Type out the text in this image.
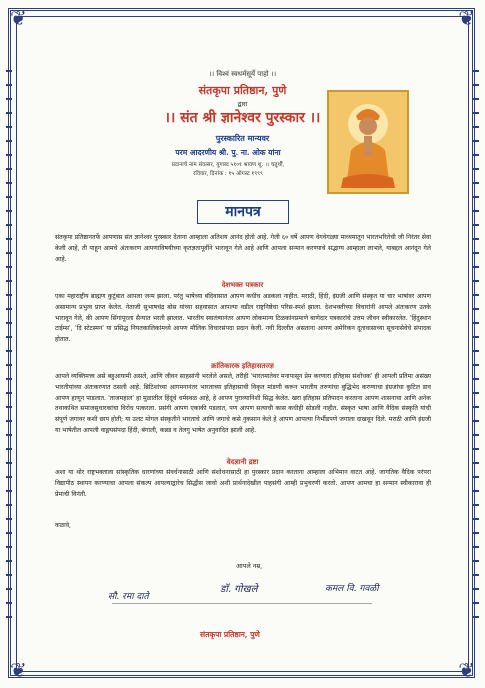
❦	❦
❦	❦
।। विश्वं स्वधर्मसूर्ये पाहो ।।
संतकृपा प्रतिष्ठान, पुणे
द्वारा
।। संत श्री ज्ञानेश्वर पुरस्कार ।।
पुरस्कारित मान्यवर
परम आदरणीय श्री. पु. ना. ओक यांना
प्रदानाचे नाम संवत्सर, युगाब्द ५१०१ श्रावण शु. ।। चतुर्थी,
रविवार, दिनांक : १५ ऑगस्ट १९९९
मानपत्र
संतकृपा प्रतिष्ठानतर्फे आपणास संत ज्ञानेश्वर पुरस्कार देताना आम्हाला अतिशय आनंद होतो आहे. गेली ६० वर्षे आपण वेगवेगळ्या माध्यमातून भारतभरितेची जी निरंतर सेवा केली आहे, ती पाहून आमचे अंतःकरण आपणाविषयीच्या कृतज्ञतापूर्वीने भारावून गेले आहे आणि आपला सन्मान करण्याचे सद्भाग्य आम्हाला लाभले, याबद्दल आनंदून गेले आहे.
देशभक्त पत्रकार
एका महाराष्ट्रीय ब्राह्मण कुटुंबात आपला जन्म झाला. परंतु भाषेच्या बंदिवासात आपण कधीच अडकला नाहीत. मराठी, हिंदी, इंग्रजी आणि संस्कृत या चार भाषांवर आपण असामान्य प्रभुत्व प्राप्त केलेत. नेताजी सुभाषचंद्र बोस यांच्या सहवासात आपल्या वडील राष्ट्रनिष्ठेचा परिस-स्पर्श झाला. देशभक्तीच्या विचारांनी आपले अंतःकरण उतके भारावून गेले, की आपण सिंगापूरला सैन्यात भरती झालात. भारतीय स्वातंत्र्यानंतर आपण लोकमान्य टिळकांनप्रमाणे बाणेदार पत्रकारांचे उत्तम जीवन स्वीकारलेत. 'हिंदुस्थान टाईम्स', 'दि स्टेटस्मन' या प्रसिद्ध नियतकालिकांमध्ये आपण मौलिक विचारसंपदा प्रदान केली. नवी दिल्लीत असताना आपण अमेरिकन दूतावासाच्या सूचनासेवेचे संपादक होतात.
क्रांतिकारक इतिहासतज्ज्ञ
आपले व्यक्तिमत्त्व असे बहुआयामी असले, आणि जीवन साहसांनी भरलेले असले, तरीही 'भारतमातेवर मनापासून प्रेम करणारा इतिहास संशोधक' ही आपली प्रतिमा असंख्य भारतीयांच्या अंतःकरणात ठसली आहे. ब्रिटिशांच्या आगमनानंतर भारताच्या इतिहासाची विकृत मांडणी करून भारतीय तरुणांचा बुद्धिभेद करण्याचा इंग्रजांचा कुटिल डाव आपण हाणून पाडलात. 'ताजमहाल' हा मुळातील हिंदूंचे धर्मस्थळ आहे, हे आपण पुराव्यानिशी सिद्ध केलेत. खरा इतिहास प्रतिपादन करताना आपण शासनाचा आणि अनेक तथाकथित समाजसुधारकांचा विरोध पत्करला. प्रसंगी आपण एकाकी पडलात, पण आपण सत्याची कास कधीही सोडली नाहीत. संस्कृत भाषा आणि वैदिक संस्कृति यांची संपूर्ण जगावर कशी छाप होती; या उलट मोगल संस्कृतीने भारताचे आणि जगाचे कसे नुकसान केले हे आपण आपल्या निर्भीडपणे जगाला दाखवून दिले. मराठी आणि इंग्रजी या भाषेतील आपली वाङ्मयसंपदा हिंदी, बंगाली, कन्नड व तेलगु भाषेत अनुवादित झाली आहे.
वेदज्ञानी द्रष्टा
अशा या थोर राष्ट्रभक्ताला सांस्कृतिक धारणांच्या संवर्धनासाठी आणि संशोधनासाठी हा पुरस्कार प्रदान करताना आम्हाला अभिमान वाटत आहे. जागतिक वैदिक परंपरा विद्यापीठ स्थापन करण्याचा आपला संकल्प आपल्याद्वारेच सिद्धीस जावो अशी प्रार्थनादेखील पाहसंगी आम्ही प्रभुचरणी करतो. आपण आमचा हा सन्मान स्वीकारावा ही प्रेमाची विनंती.
कळावे,
आपले नम्र,
सौ. रमा दाते
डॉ. गोखले	कमल वि. गवळी
संतकृपा प्रतिष्ठान, पुणे
